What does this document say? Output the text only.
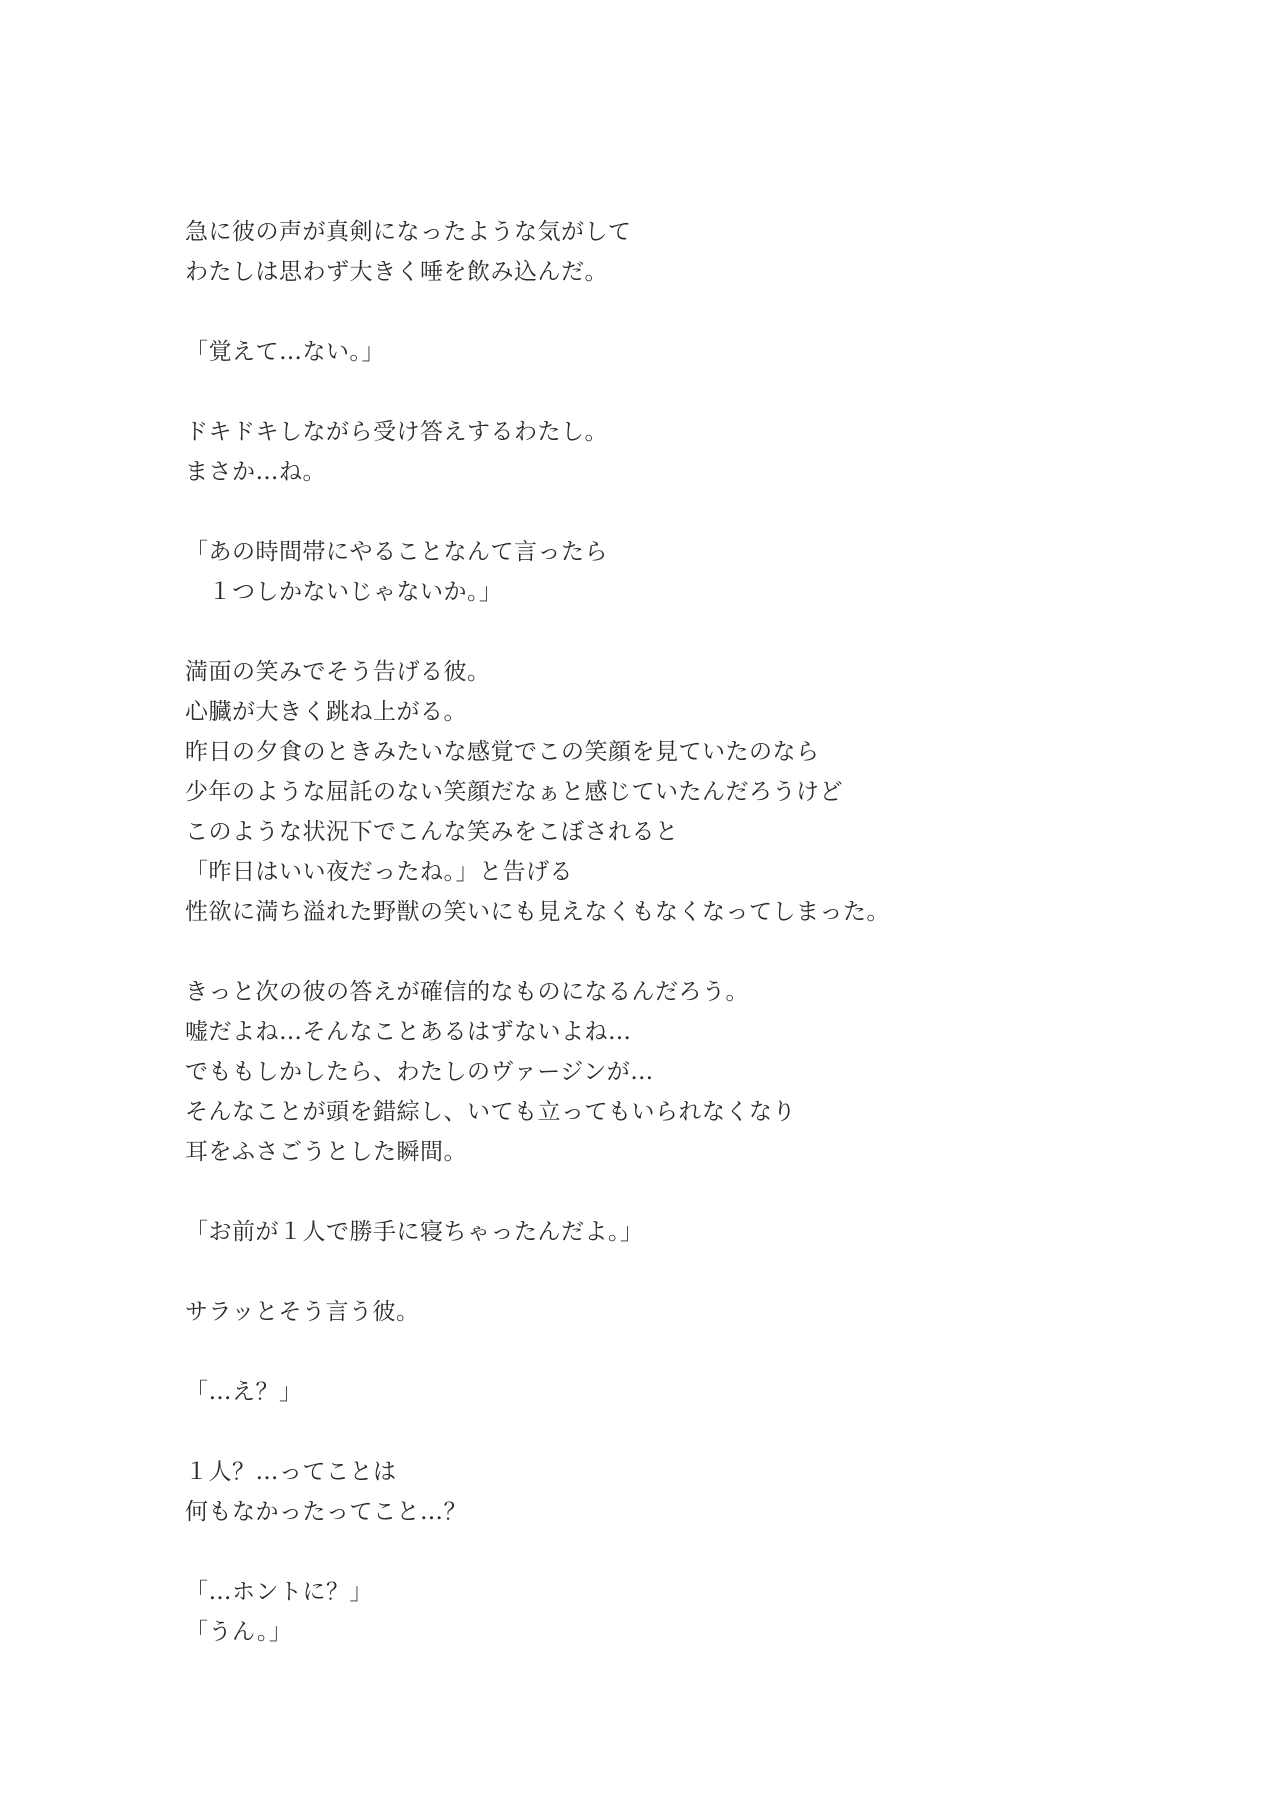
急に彼の声が真剣になったような気がして
わたしは思わず大きく唾を飲み込んだ。
「覚えて…ない。」
ドキドキしながら受け答えするわたし。
まさか…ね。
「あの時間帯にやることなんて言ったら
　１つしかないじゃないか。」
満面の笑みでそう告げる彼。
心臓が大きく跳ね上がる。
昨日の夕食のときみたいな感覚でこの笑顔を見ていたのなら
少年のような屈託のない笑顔だなぁと感じていたんだろうけど
このような状況下でこんな笑みをこぼされると
「昨日はいい夜だったね。」と告げる
性欲に満ち溢れた野獣の笑いにも見えなくもなくなってしまった。
きっと次の彼の答えが確信的なものになるんだろう。
嘘だよね…そんなことあるはずないよね…
でももしかしたら、わたしのヴァージンが…
そんなことが頭を錯綜し、いても立ってもいられなくなり
耳をふさごうとした瞬間。
「お前が１人で勝手に寝ちゃったんだよ。」
サラッとそう言う彼。
「…え？」
１人？…ってことは
何もなかったってこと…？
「…ホントに？」
「うん。」
